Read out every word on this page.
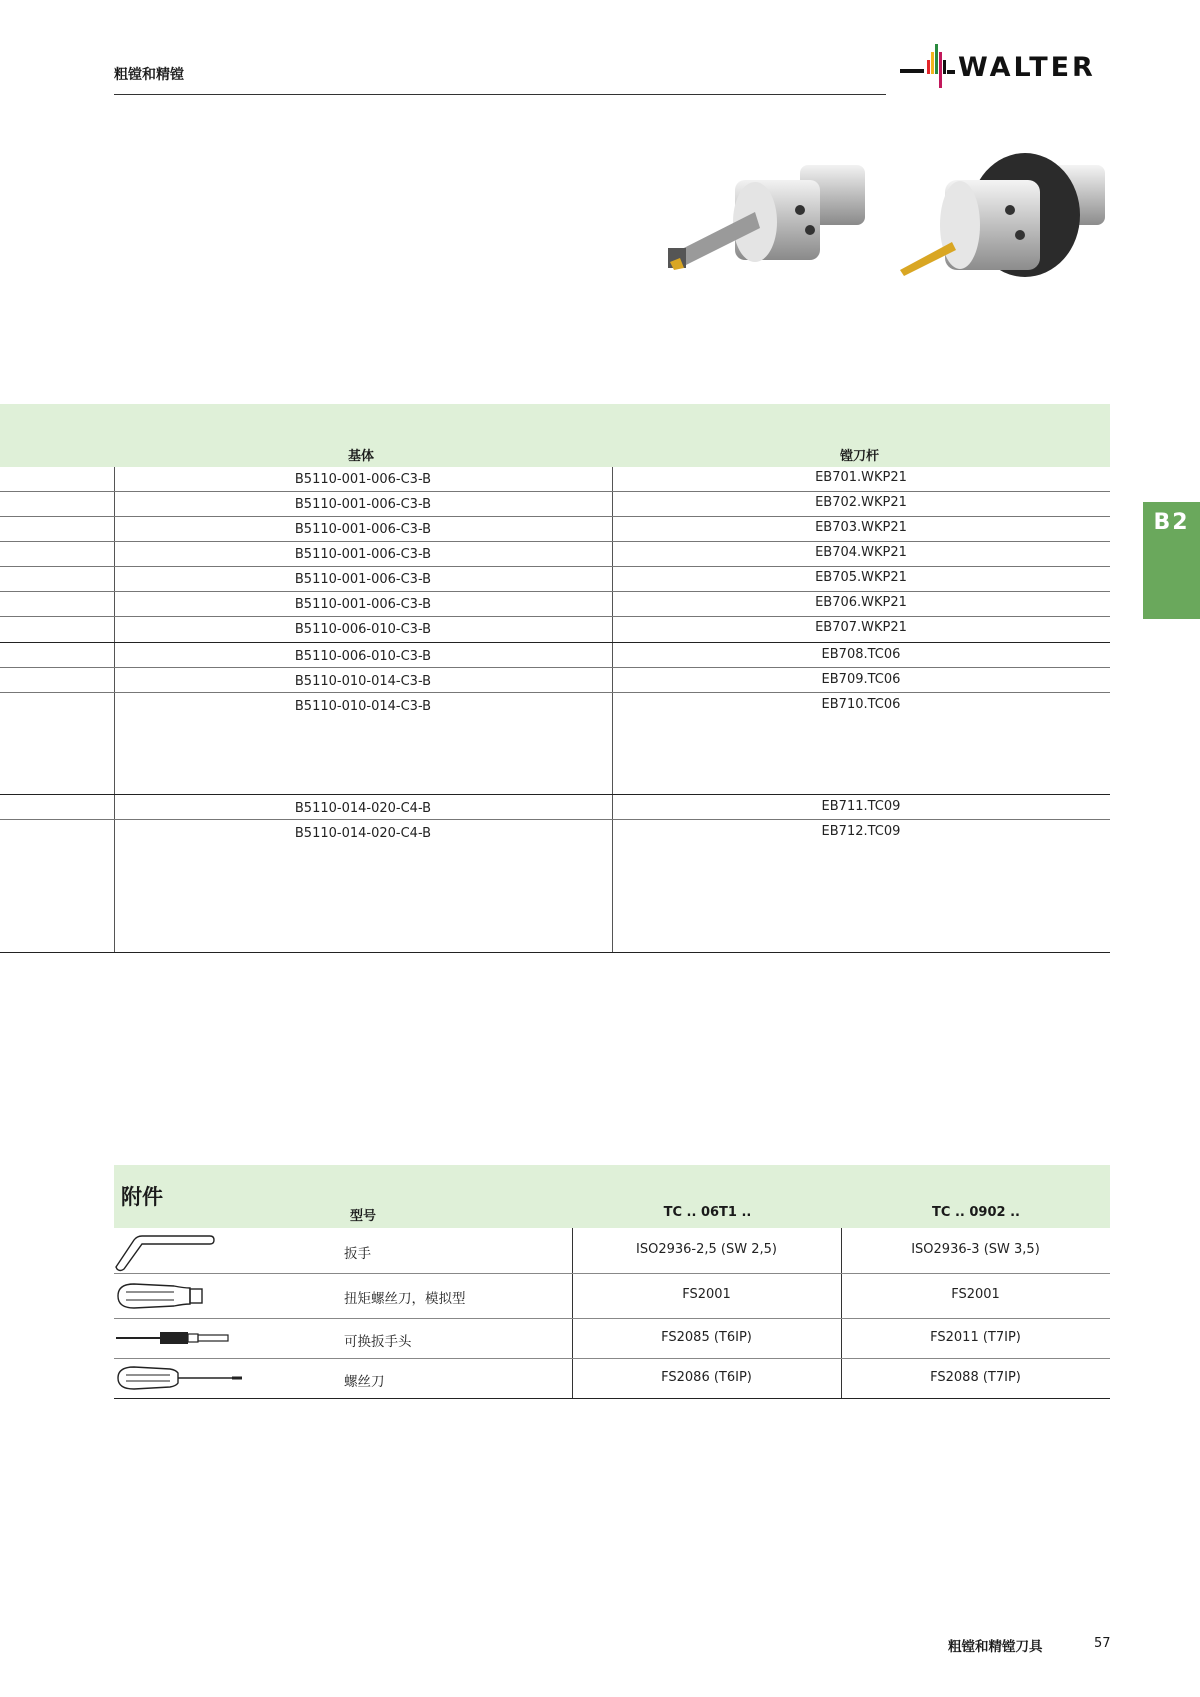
粗镗和精镗	WALTER
B2
基体	镗刀杆
B5110-001-006-C3-B	EB701.WKP21
B5110-001-006-C3-B	EB702.WKP21
B5110-001-006-C3-B	EB703.WKP21
B5110-001-006-C3-B	EB704.WKP21
B5110-001-006-C3-B	EB705.WKP21
B5110-001-006-C3-B	EB706.WKP21
B5110-006-010-C3-B	EB707.WKP21
B5110-006-010-C3-B	EB708.TC06
B5110-010-014-C3-B	EB709.TC06
B5110-010-014-C3-B	EB710.TC06
B5110-014-020-C4-B	EB711.TC09
B5110-014-020-C4-B	EB712.TC09
附件
型号	TC .. 06T1 ..	TC .. 0902 ..
扳手	ISO2936-2,5 (SW 2,5)	ISO2936-3 (SW 3,5)
扭矩螺丝刀，模拟型	FS2001	FS2001
可换扳手头	FS2085 (T6IP)	FS2011 (T7IP)
螺丝刀	FS2086 (T6IP)	FS2088 (T7IP)
粗镗和精镗刀具	57
